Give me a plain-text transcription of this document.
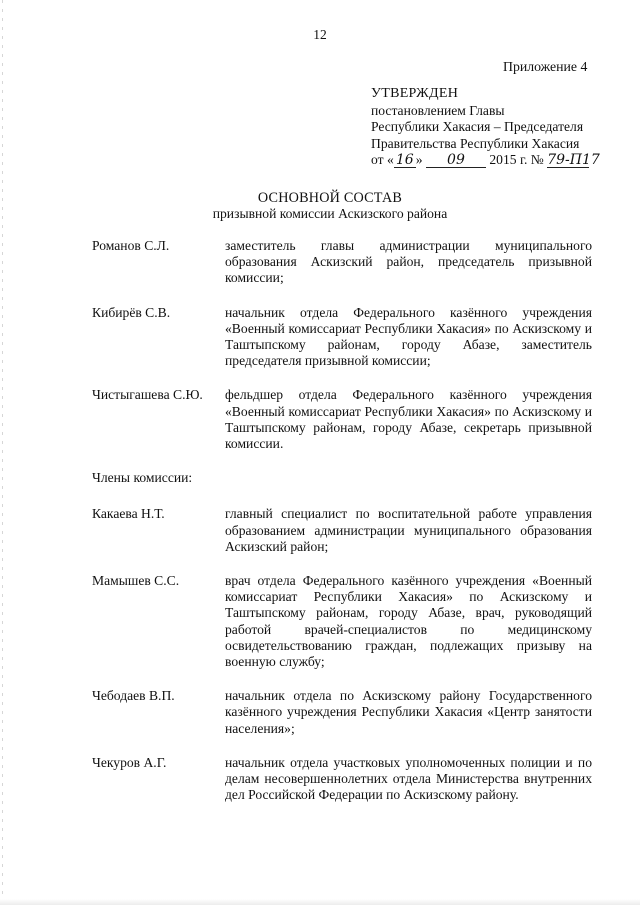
12
Приложение 4
УТВЕРЖДЕН
постановлением Главы
Республики Хакасия – Председателя
Правительства Республики Хакасия
от « 16 » 09 2015 г. № 79-П17
ОСНОВНОЙ СОСТАВ
призывной комиссии Аскизского района
Романов С.Л.	заместитель главы администрации муниципального образования Аскизский район, председатель призывной комиссии;
Кибирёв С.В.	начальник отдела Федерального казённого учреждения «Военный комиссариат Республики Хакасия» по Аскизскому и Таштыпскому районам, городу Абазе, заместитель председателя призывной комиссии;
Чистыгашева С.Ю.	фельдшер отдела Федерального казённого учреждения «Военный комиссариат Республики Хакасия» по Аскизскому и Таштыпскому районам, городу Абазе, секретарь призывной комиссии.
Члены комиссии:
Какаева Н.Т.	главный специалист по воспитательной работе управления образованием администрации муниципального образования Аскизский район;
Мамышев С.С.	врач отдела Федерального казённого учреждения «Военный комиссариат Республики Хакасия» по Аскизскому и Таштыпскому районам, городу Абазе, врач, руководящий работой врачей-специалистов по медицинскому освидетельствованию граждан, подлежащих призыву на военную службу;
Чебодаев В.П.	начальник отдела по Аскизскому району Государственного казённого учреждения Республики Хакасия «Центр занятости населения»;
Чекуров А.Г.	начальник отдела участковых уполномоченных полиции и по делам несовершеннолетних отдела Министерства внутренних дел Российской Федерации по Аскизскому району.
